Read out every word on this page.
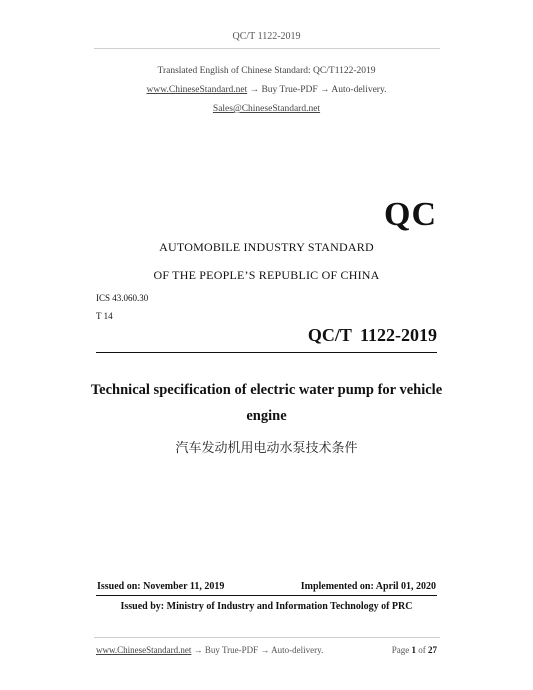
QC/T 1122-2019
Translated English of Chinese Standard: QC/T1122-2019
www.ChineseStandard.net → Buy True-PDF → Auto-delivery.
Sales@ChineseStandard.net
QC
AUTOMOBILE INDUSTRY STANDARD
OF THE PEOPLE’S REPUBLIC OF CHINA
ICS 43.060.30
T 14
QC/T 1122-2019
Technical specification of electric water pump for vehicle
engine
汽车发动机用电动水泵技术条件
Issued on: November 11, 2019	Implemented on: April 01, 2020
Issued by: Ministry of Industry and Information Technology of PRC
www.ChineseStandard.net → Buy True-PDF → Auto-delivery.	Page 1 of 27
